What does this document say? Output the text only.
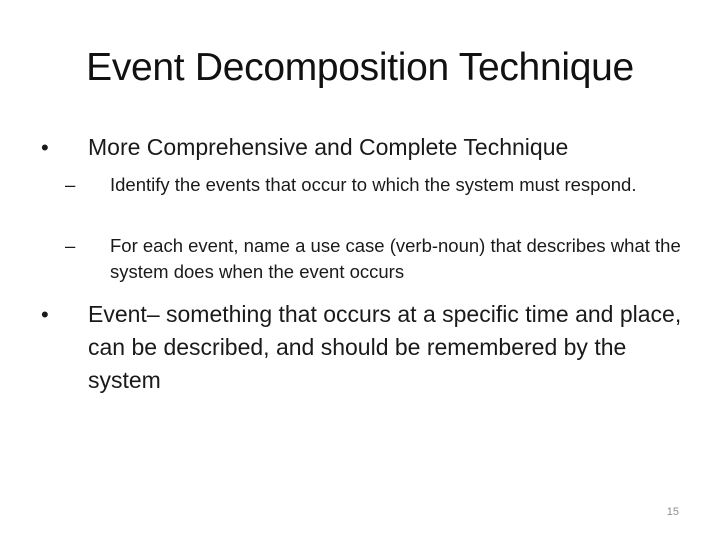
Event Decomposition Technique
• More Comprehensive and Complete Technique
– Identify the events that occur to which the system must respond.
– For each event, name a use case (verb-noun) that describes what the system does when the event occurs
• Event– something that occurs at a specific time and place, can be described, and should be remembered by the system
15
